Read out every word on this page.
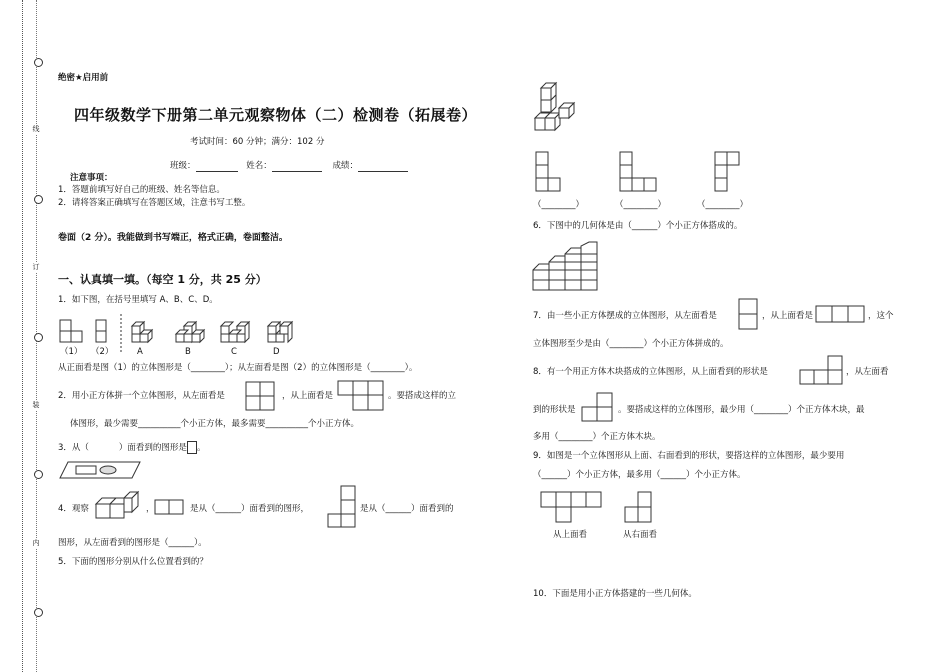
线
订
装
内
绝密★启用前
四年级数学下册第二单元观察物体（二）检测卷（拓展卷）
考试时间：60 分钟；满分：102 分
班级：	姓名：	成绩：
注意事项：
1．答题前填写好自己的班级、姓名等信息。
2．请将答案正确填写在答题区域，注意书写工整。
卷面（2 分）。我能做到书写端正，格式正确，卷面整洁。
一、认真填一填。（每空 1 分，共 25 分）
1．如下图，在括号里填写 A、B、C、D。
（1） （2）	A	B	C	D
从正面看是图（1）的立体图形是（________）；从左面看是图（2）的立体图形是（________）。
2．用小正方体拼一个立体图形，从左面看是	，从上面看是	。要搭成这样的立
体图形，最少需要__________个小正方体，最多需要__________个小正方体。
3．从（	）面看到的图形是 。
4．观察	，	是从（______）面看到的图形，	是从（______）面看到的
图形，从左面看到的图形是（______）。
5．下面的图形分别从什么位置看到的？
（________）	（________）	（________）
6．下图中的几何体是由（______）个小正方体搭成的。
7．由一些小正方体摆成的立体图形，从左面看是	，从上面看是	，这个
立体图形至少是由（________）个小正方体拼成的。
8．有一个用正方体木块搭成的立体图形，从上面看到的形状是	，从左面看
到的形状是	。要搭成这样的立体图形，最少用（________）个正方体木块，最
多用（________）个正方体木块。
9．如图是一个立体图形从上面、右面看到的形状，要搭这样的立体图形，最少要用
（______）个小正方体，最多用（______）个小正方体。
从上面看	从右面看
10．下面是用小正方体搭建的一些几何体。
